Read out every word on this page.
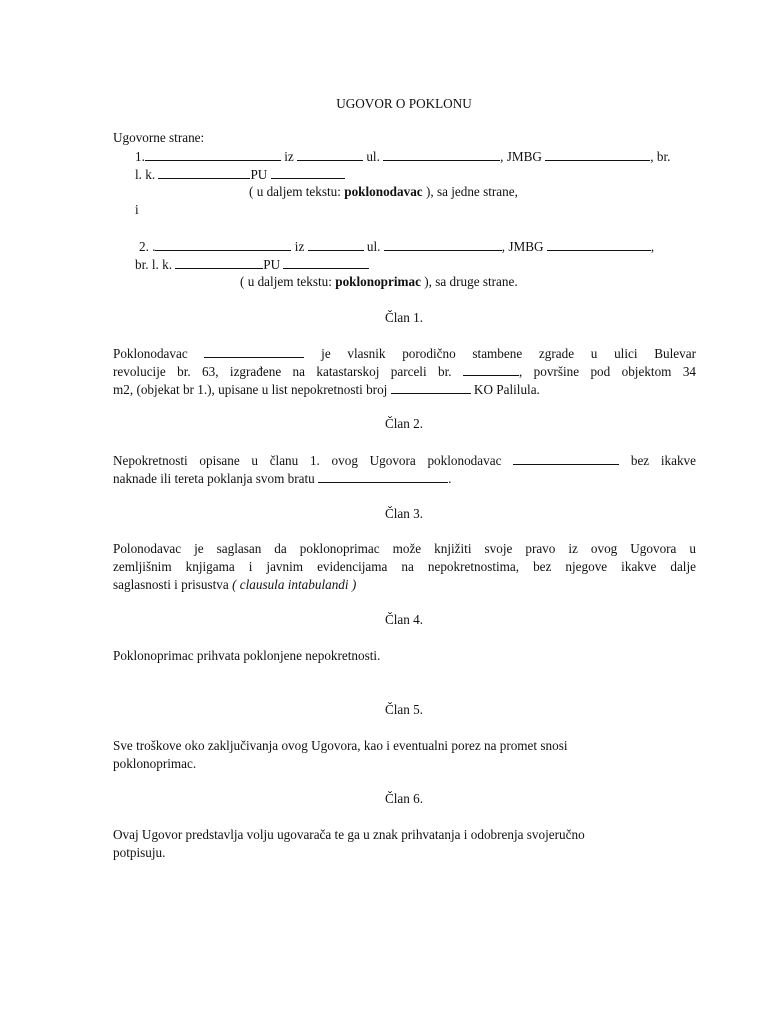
UGOVOR O POKLONU
Ugovorne strane:
1.	iz	ul.	, JMBG	, br.
l. k.	PU
( u daljem tekstu: poklonodavac ), sa jedne strane,
i
2. .	iz	ul.	, JMBG	,
br. l. k.	PU
( u daljem tekstu: poklonoprimac ), sa druge strane.
Član 1.
Poklonodavac	je vlasnik porodično stambene zgrade u ulici Bulevar
revolucije br. 63, izgrađene na katastarskoj parceli br.	, površine pod objektom 34
m2, (objekat br 1.), upisane u list nepokretnosti broj	KO Palilula.
Član 2.
Nepokretnosti opisane u članu 1. ovog Ugovora poklonodavac	bez ikakve
naknade ili tereta poklanja svom bratu	.
Član 3.
Polonodavac je saglasan da poklonoprimac može knjižiti svoje pravo iz ovog Ugovora u
zemljišnim knjigama i javnim evidencijama na nepokretnostima, bez njegove ikakve dalje
saglasnosti i prisustva ( clausula intabulandi )
Član 4.
Poklonoprimac prihvata poklonjene nepokretnosti.
Član 5.
Sve troškove oko zaključivanja ovog Ugovora, kao i eventualni porez na promet snosi
poklonoprimac.
Član 6.
Ovaj Ugovor predstavlja volju ugovarača te ga u znak prihvatanja i odobrenja svojeručno
potpisuju.
